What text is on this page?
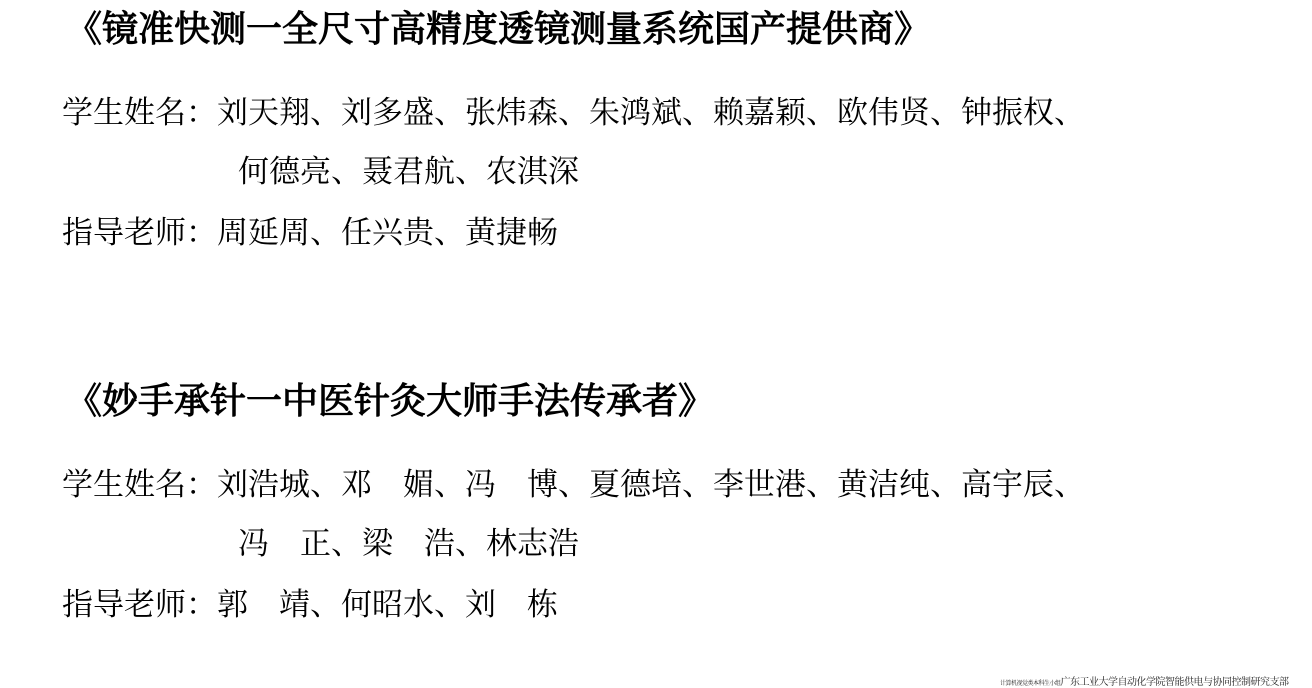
《镜准快测一全尺寸高精度透镜测量系统国产提供商》
学生姓名： 刘天翔、刘多盛、张炜森、朱鸿斌、赖嘉颖、欧伟贤、钟振权、
何德亮、聂君航、农淇深
指导老师： 周延周、任兴贵、黄捷畅
《妙手承针一中医针灸大师手法传承者》
学生姓名： 刘浩城、邓　媚、冯　博、夏德培、李世港、黄洁纯、高宇辰、
冯　正、梁　浩、林志浩
指导老师： 郭　靖、何昭水、刘　栋
计算机视觉类本科生小组 广东工业大学自动化学院智能供电与协同控制研究支部
